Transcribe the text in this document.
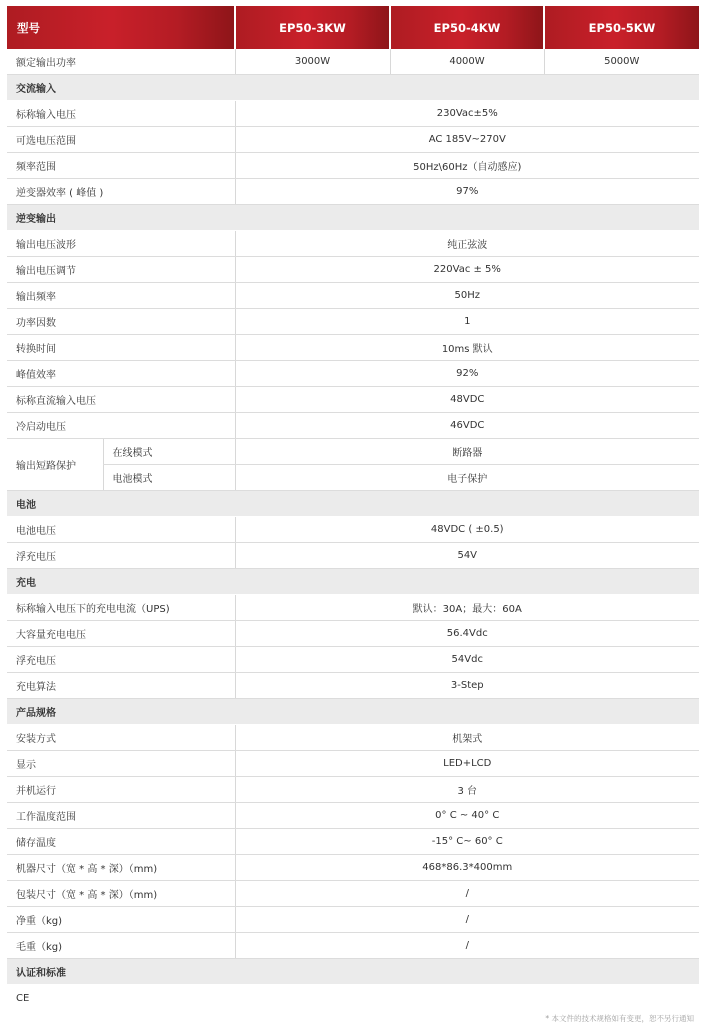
型号		EP50-3KW	EP50-4KW	EP50-5KW
额定输出功率		3000W	4000W	5000W
交流输入				
标称输入电压		230Vac±5%		
可选电压范围		AC 185V~270V		
频率范围		50Hz\60Hz（自动感应)		
逆变器效率 ( 峰值 )		97%		
逆变输出				
输出电压波形		纯正弦波		
输出电压调节		220Vac ± 5%		
输出频率		50Hz		
功率因数		1		
转换时间		10ms 默认		
峰值效率		92%		
标称直流输入电压		48VDC		
冷启动电压		46VDC		
输出短路保护	在线模式	断路器		
	电池模式	电子保护		
电池				
电池电压		48VDC ( ±0.5)		
浮充电压		54V		
充电				
标称输入电压下的充电电流（UPS)		默认：30A；最大：60A		
大容量充电电压		56.4Vdc		
浮充电压		54Vdc		
充电算法		3-Step		
产品规格				
安装方式		机架式		
显示		LED+LCD		
并机运行		3 台		
工作温度范围		0° C ~ 40° C		
储存温度		-15° C~ 60° C		
机器尺寸（宽 * 高 * 深）（mm)		468*86.3*400mm		
包装尺寸（宽 * 高 * 深）（mm)		/		
净重（kg)		/		
毛重（kg)		/		
认证和标准				
CE				
* 本文件的技术规格如有变更，恕不另行通知
